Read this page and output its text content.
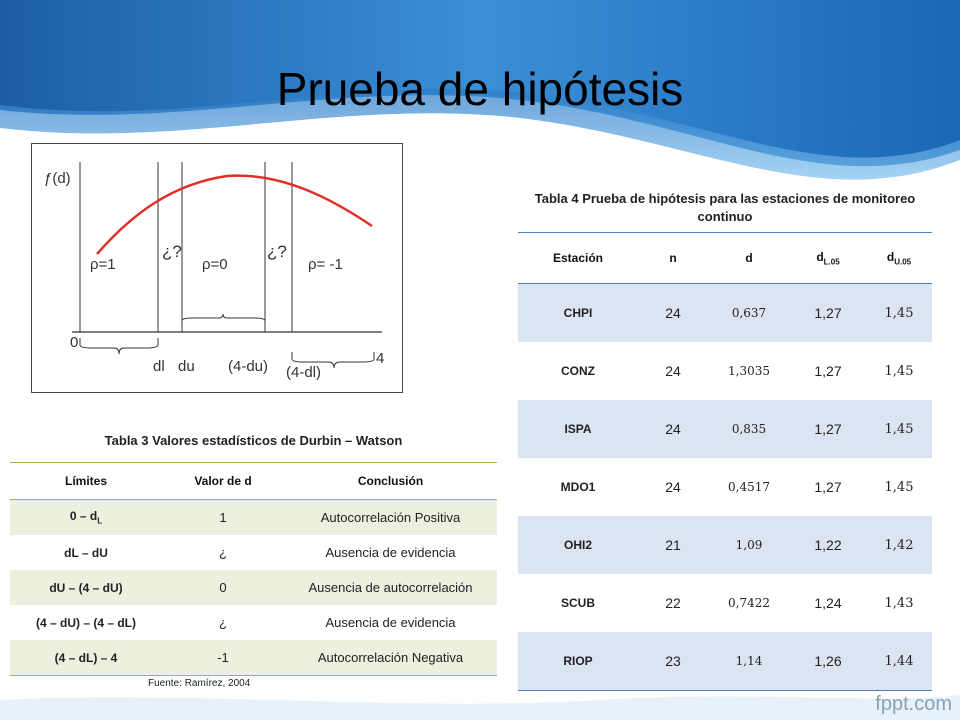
Prueba de hipótesis
ƒ(d)
ρ=1
¿?
ρ=0
¿?
ρ= -1
0
4
dl du (4-du) (4-dl)
Tabla 3 Valores estadísticos de Durbin – Watson
Límites	Valor de d	Conclusión
$0 - d_L$	1	Autocorrelación Positiva
dL – dU	¿	Ausencia de evidencia
dU – (4 – dU)	0	Ausencia de autocorrelación
(4 – dU) – (4 – dL)	¿	Ausencia de evidencia
(4 – dL) – 4	-1	Autocorrelación Negativa
Fuente: Ramírez, 2004
Tabla 4 Prueba de hipótesis para las estaciones de monitoreo continuo
Estación	n	d	$d_{L.05}$	$d_{U.05}$
CHPI	24	0,637	1,27	1,45
CONZ	24	1,3035	1,27	1,45
ISPA	24	0,835	1,27	1,45
MDO1	24	0,4517	1,27	1,45
OHI2	21	1,09	1,22	1,42
SCUB	22	0,7422	1,24	1,43
RIOP	23	1,14	1,26	1,44
fppt.com
